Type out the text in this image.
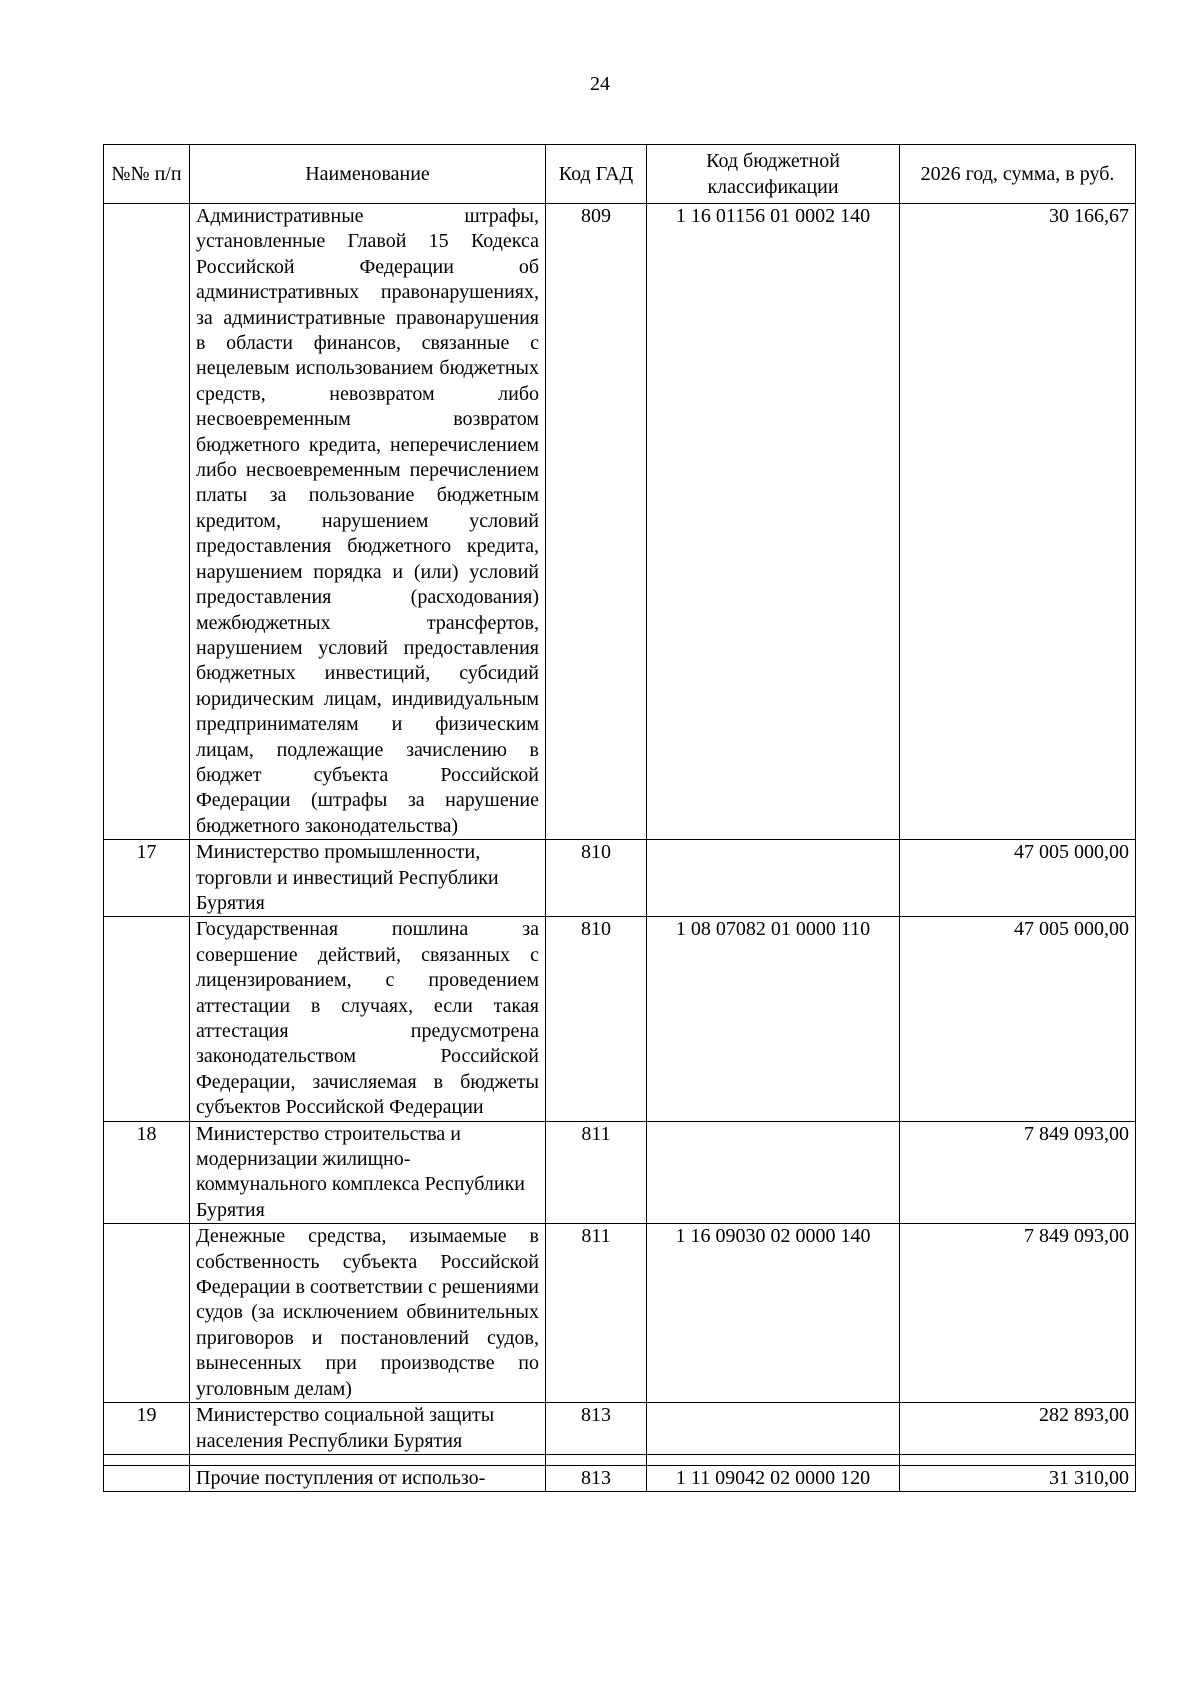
24
№№ п/п	Наименование	Код ГАД	Код бюджетной классификации	2026 год, сумма, в руб.
	Административные штрафы, установленные Главой 15 Кодекса Российской Федерации об административных правонарушениях, за административные правонарушения в области финансов, связанные с нецелевым использованием бюджетных средств, невозвратом либо несвоевременным возвратом бюджетного кредита, неперечислением либо несвоевременным перечислением платы за пользование бюджетным кредитом, нарушением условий предоставления бюджетного кредита, нарушением порядка и (или) условий предоставления (расходования) межбюджетных трансфертов, нарушением условий предоставления бюджетных инвестиций, субсидий юридическим лицам, индивидуальным предпринимателям и физическим лицам, подлежащие зачислению в бюджет субъекта Российской Федерации (штрафы за нарушение бюджетного законодательства)	809	1 16 01156 01 0002 140	30 166,67
17	Министерство промышленности, торговли и инвестиций Республики Бурятия	810		47 005 000,00
	Государственная пошлина за совершение действий, связанных с лицензированием, с проведением аттестации в случаях, если такая аттестация предусмотрена законодательством Российской Федерации, зачисляемая в бюджеты субъектов Российской Федерации	810	1 08 07082 01 0000 110	47 005 000,00
18	Министерство строительства и модернизации жилищно-коммунального комплекса Республики Бурятия	811		7 849 093,00
	Денежные средства, изымаемые в собственность субъекта Российской Федерации в соответствии с решениями судов (за исключением обвинительных приговоров и постановлений судов, вынесенных при производстве по уголовным делам)	811	1 16 09030 02 0000 140	7 849 093,00
19	Министерство социальной защиты населения Республики Бурятия	813		282 893,00

	Прочие поступления от использо-	813	1 11 09042 02 0000 120	31 310,00
